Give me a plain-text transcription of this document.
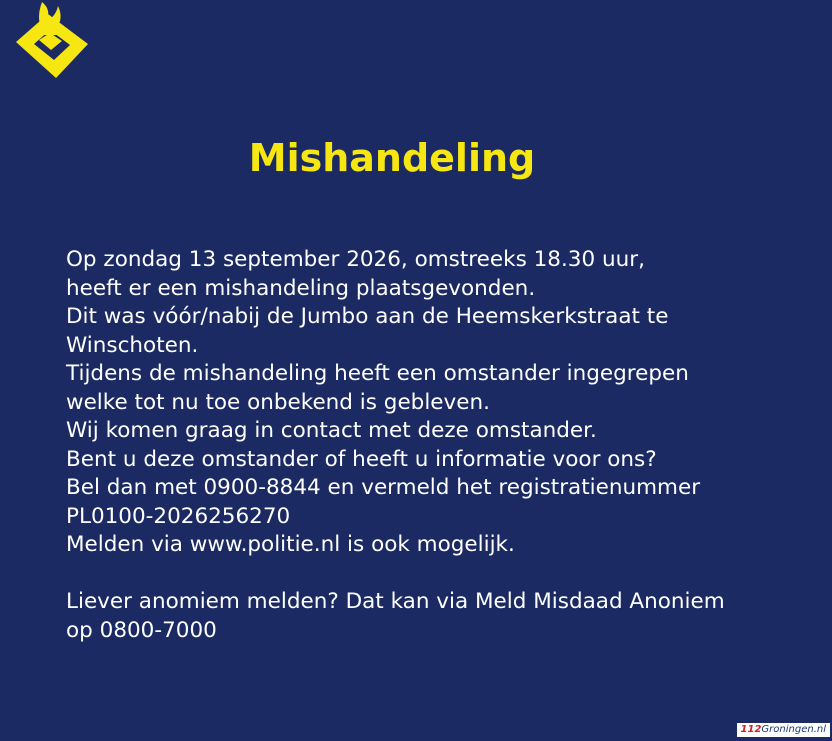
Mishandeling
Op zondag 13 september 2026, omstreeks 18.30 uur,
heeft er een mishandeling plaatsgevonden.
Dit was vóór/nabij de Jumbo aan de Heemskerkstraat te
Winschoten.
Tijdens de mishandeling heeft een omstander ingegrepen
welke tot nu toe onbekend is gebleven.
Wij komen graag in contact met deze omstander.
Bent u deze omstander of heeft u informatie voor ons?
Bel dan met 0900-8844 en vermeld het registratienummer
PL0100-2026256270
Melden via www.politie.nl is ook mogelijk.
Liever anomiem melden? Dat kan via Meld Misdaad Anoniem
op 0800-7000
112Groningen.nl
